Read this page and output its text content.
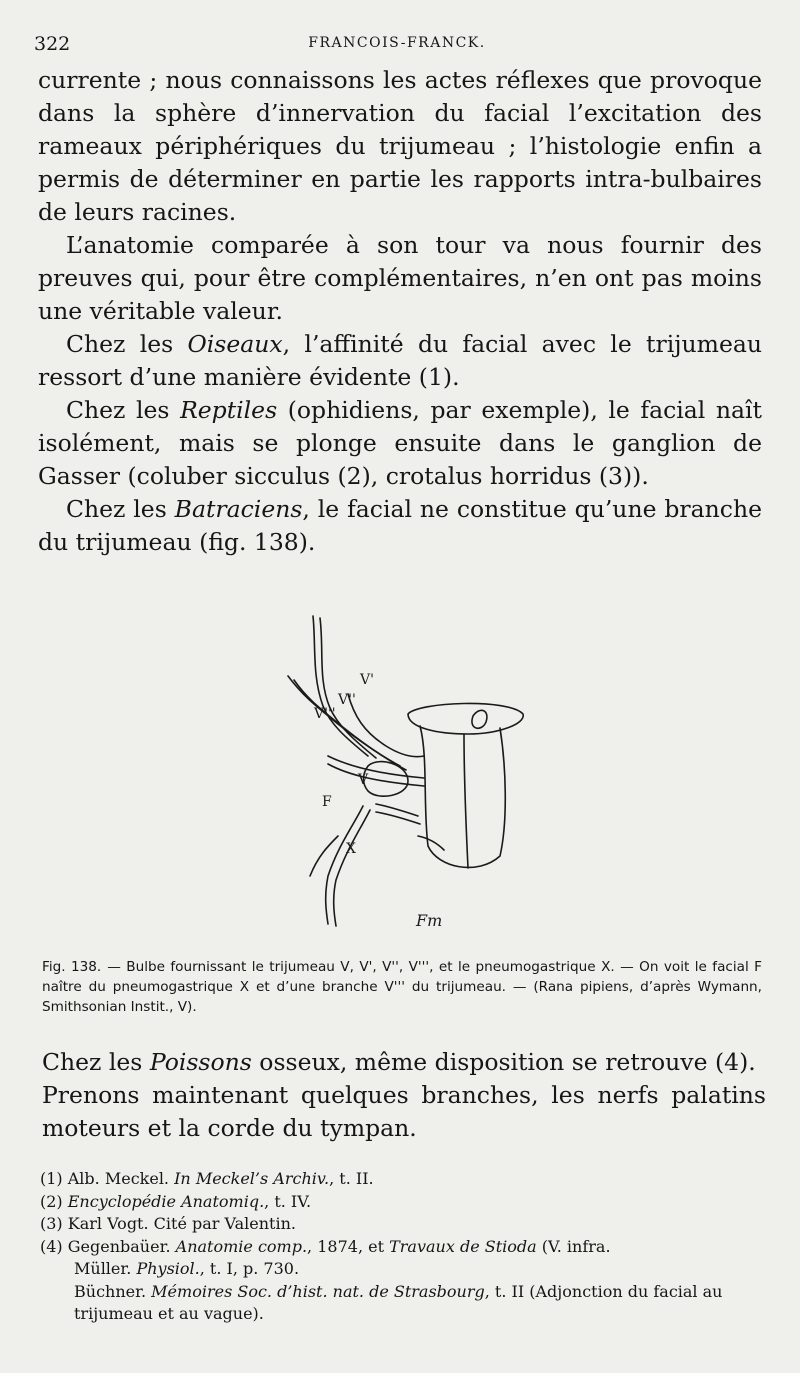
322	FRANCOIS-FRANCK.

currente ; nous connaissons les actes réflexes que provoque dans la sphère d’innervation du facial l’excitation des rameaux périphériques du trijumeau ; l’histologie enfin a permis de déterminer en partie les rapports intra-bulbaires de leurs racines.

L’anatomie comparée à son tour va nous fournir des preuves qui, pour être complémentaires, n’en ont pas moins une véritable valeur.

Chez les Oiseaux, l’affinité du facial avec le trijumeau ressort d’une manière évidente (1).

Chez les Reptiles (ophidiens, par exemple), le facial naît isolément, mais se plonge ensuite dans le ganglion de Gasser (coluber sicculus (2), crotalus horridus (3)).

Chez les Batraciens, le facial ne constitue qu’une branche du trijumeau (fig. 138).

V'
V'''
V''
V
F
X
Fm
Fig. 138. — Bulbe fournissant le trijumeau V, V', V'', V''', et le pneumogastrique X. — On voit le facial F naître du pneumogastrique X et d’une branche V''' du trijumeau. — (Rana pipiens, d’après Wymann, Smithsonian Instit., V).

Chez les Poissons osseux, même disposition se retrouve (4).

Prenons maintenant quelques branches, les nerfs palatins moteurs et la corde du tympan.

(1) Alb. Meckel. In Meckel’s Archiv., t. II.

(2) Encyclopédie Anatomiq., t. IV.

(3) Karl Vogt. Cité par Valentin.

(4) Gegenbaüer. Anatomie comp., 1874, et Travaux de Stioda (V. infra.

Müller. Physiol., t. I, p. 730.

Büchner. Mémoires Soc. d’hist. nat. de Strasbourg, t. II (Adjonction du facial au trijumeau et au vague).
